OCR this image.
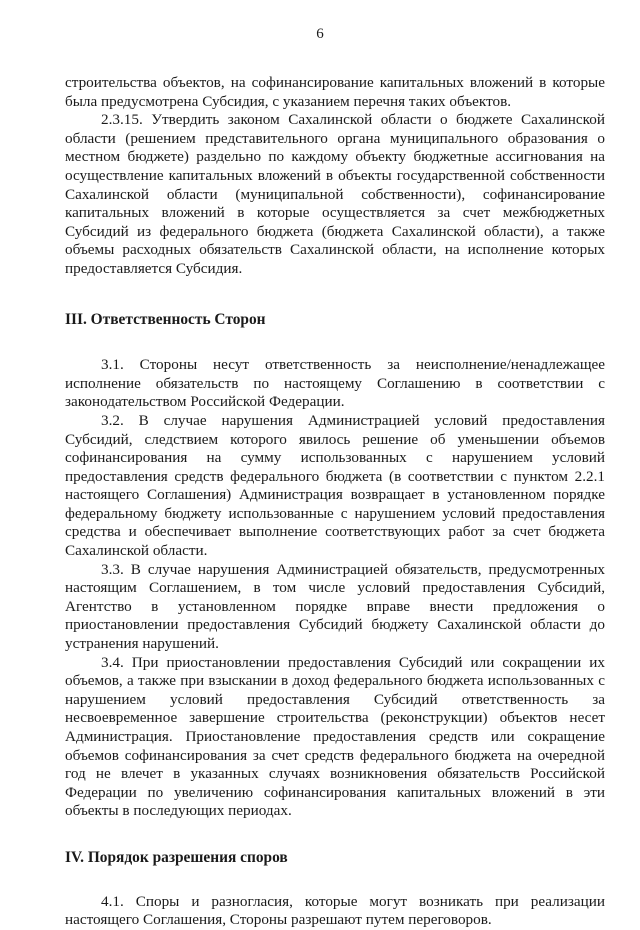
6

строительства объектов, на софинансирование капитальных вложений в которые была предусмотрена Субсидия, с указанием перечня таких объектов.

2.3.15. Утвердить законом Сахалинской области о бюджете Сахалинской области (решением представительного органа муниципального образования о местном бюджете) раздельно по каждому объекту бюджетные ассигнования на осуществление капитальных вложений в объекты государственной собственности Сахалинской области (муниципальной собственности), софинансирование капитальных вложений в которые осуществляется за счет межбюджетных Субсидий из федерального бюджета (бюджета Сахалинской области), а также объемы расходных обязательств Сахалинской области, на исполнение которых предоставляется Субсидия.

III. Ответственность Сторон

3.1. Стороны несут ответственность за неисполнение/ненадлежащее исполнение обязательств по настоящему Соглашению в соответствии с законодательством Российской Федерации.

3.2. В случае нарушения Администрацией условий предоставления Субсидий, следствием которого явилось решение об уменьшении объемов софинансирования на сумму использованных с нарушением условий предоставления средств федерального бюджета (в соответствии с пунктом 2.2.1 настоящего Соглашения) Администрация возвращает в установленном порядке федеральному бюджету использованные с нарушением условий предоставления средства и обеспечивает выполнение соответствующих работ за счет бюджета Сахалинской области.

3.3. В случае нарушения Администрацией обязательств, предусмотренных настоящим Соглашением, в том числе условий предоставления Субсидий, Агентство в установленном порядке вправе внести предложения о приостановлении предоставления Субсидий бюджету Сахалинской области до устранения нарушений.

3.4. При приостановлении предоставления Субсидий или сокращении их объемов, а также при взыскании в доход федерального бюджета использованных с нарушением условий предоставления Субсидий ответственность за несвоевременное завершение строительства (реконструкции) объектов несет Администрация. Приостановление предоставления средств или сокращение объемов софинансирования за счет средств федерального бюджета на очередной год не влечет в указанных случаях возникновения обязательств Российской Федерации по увеличению софинансирования капитальных вложений в эти объекты в последующих периодах.

IV. Порядок разрешения споров

4.1. Споры и разногласия, которые могут возникать при реализации настоящего Соглашения, Стороны разрешают путем переговоров.
